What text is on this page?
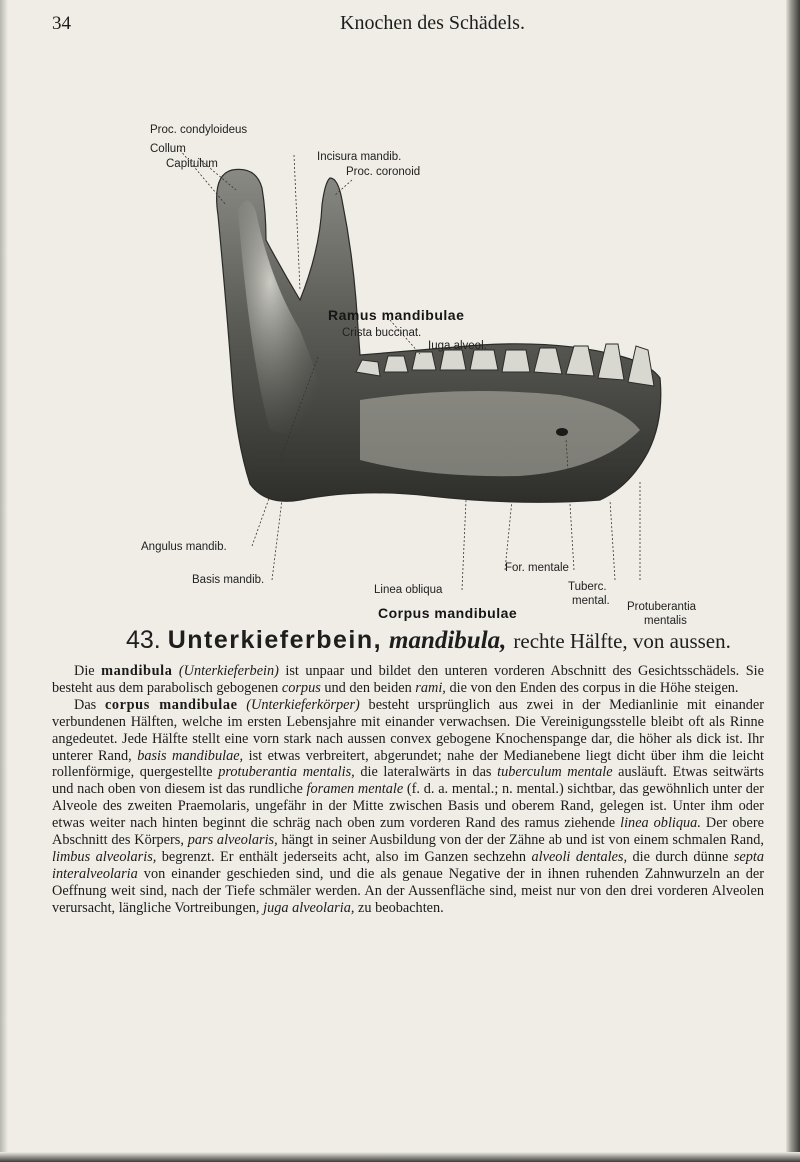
34	Knochen des Schädels.
Proc. condyloideus
Collum
Capitulum
Incisura mandib.
Proc. coronoid
Ramus mandibulae
Crista buccinat.
Iuga alveol.
Angulus mandib.
Basis mandib.
Linea obliqua
For. mentale
Tuberc.
mental. Protuberantia
mentalis
Corpus mandibulae
43. Unterkieferbein, mandibula, rechte Hälfte, von aussen.

Die mandibula (Unterkieferbein) ist unpaar und bildet den unteren vorderen Abschnitt des Gesichtsschädels. Sie besteht aus dem parabolisch gebogenen corpus und den beiden rami, die von den Enden des corpus in die Höhe steigen.

Das corpus mandibulae (Unterkieferkörper) besteht ursprünglich aus zwei in der Medianlinie mit einander verbundenen Hälften, welche im ersten Lebensjahre mit einander verwachsen. Die Vereinigungsstelle bleibt oft als Rinne angedeutet. Jede Hälfte stellt eine vorn stark nach aussen convex gebogene Knochenspange dar, die höher als dick ist. Ihr unterer Rand, basis mandibulae, ist etwas verbreitert, abgerundet; nahe der Medianebene liegt dicht über ihm die leicht rollenförmige, quergestellte protuberantia mentalis, die lateralwärts in das tuberculum mentale ausläuft. Etwas seitwärts und nach oben von diesem ist das rundliche foramen mentale (f. d. a. mental.; n. mental.) sichtbar, das gewöhnlich unter der Alveole des zweiten Praemolaris, ungefähr in der Mitte zwischen Basis und oberem Rand, gelegen ist. Unter ihm oder etwas weiter nach hinten beginnt die schräg nach oben zum vorderen Rand des ramus ziehende linea obliqua. Der obere Abschnitt des Körpers, pars alveolaris, hängt in seiner Ausbildung von der der Zähne ab und ist von einem schmalen Rand, limbus alveolaris, begrenzt. Er enthält jederseits acht, also im Ganzen sechzehn alveoli dentales, die durch dünne septa interalveolaria von einander geschieden sind, und die als genaue Negative der in ihnen ruhenden Zahnwurzeln an der Oeffnung weit sind, nach der Tiefe schmäler werden. An der Aussenfläche sind, meist nur von den drei vorderen Alveolen verursacht, längliche Vortreibungen, juga alveolaria, zu beobachten.
